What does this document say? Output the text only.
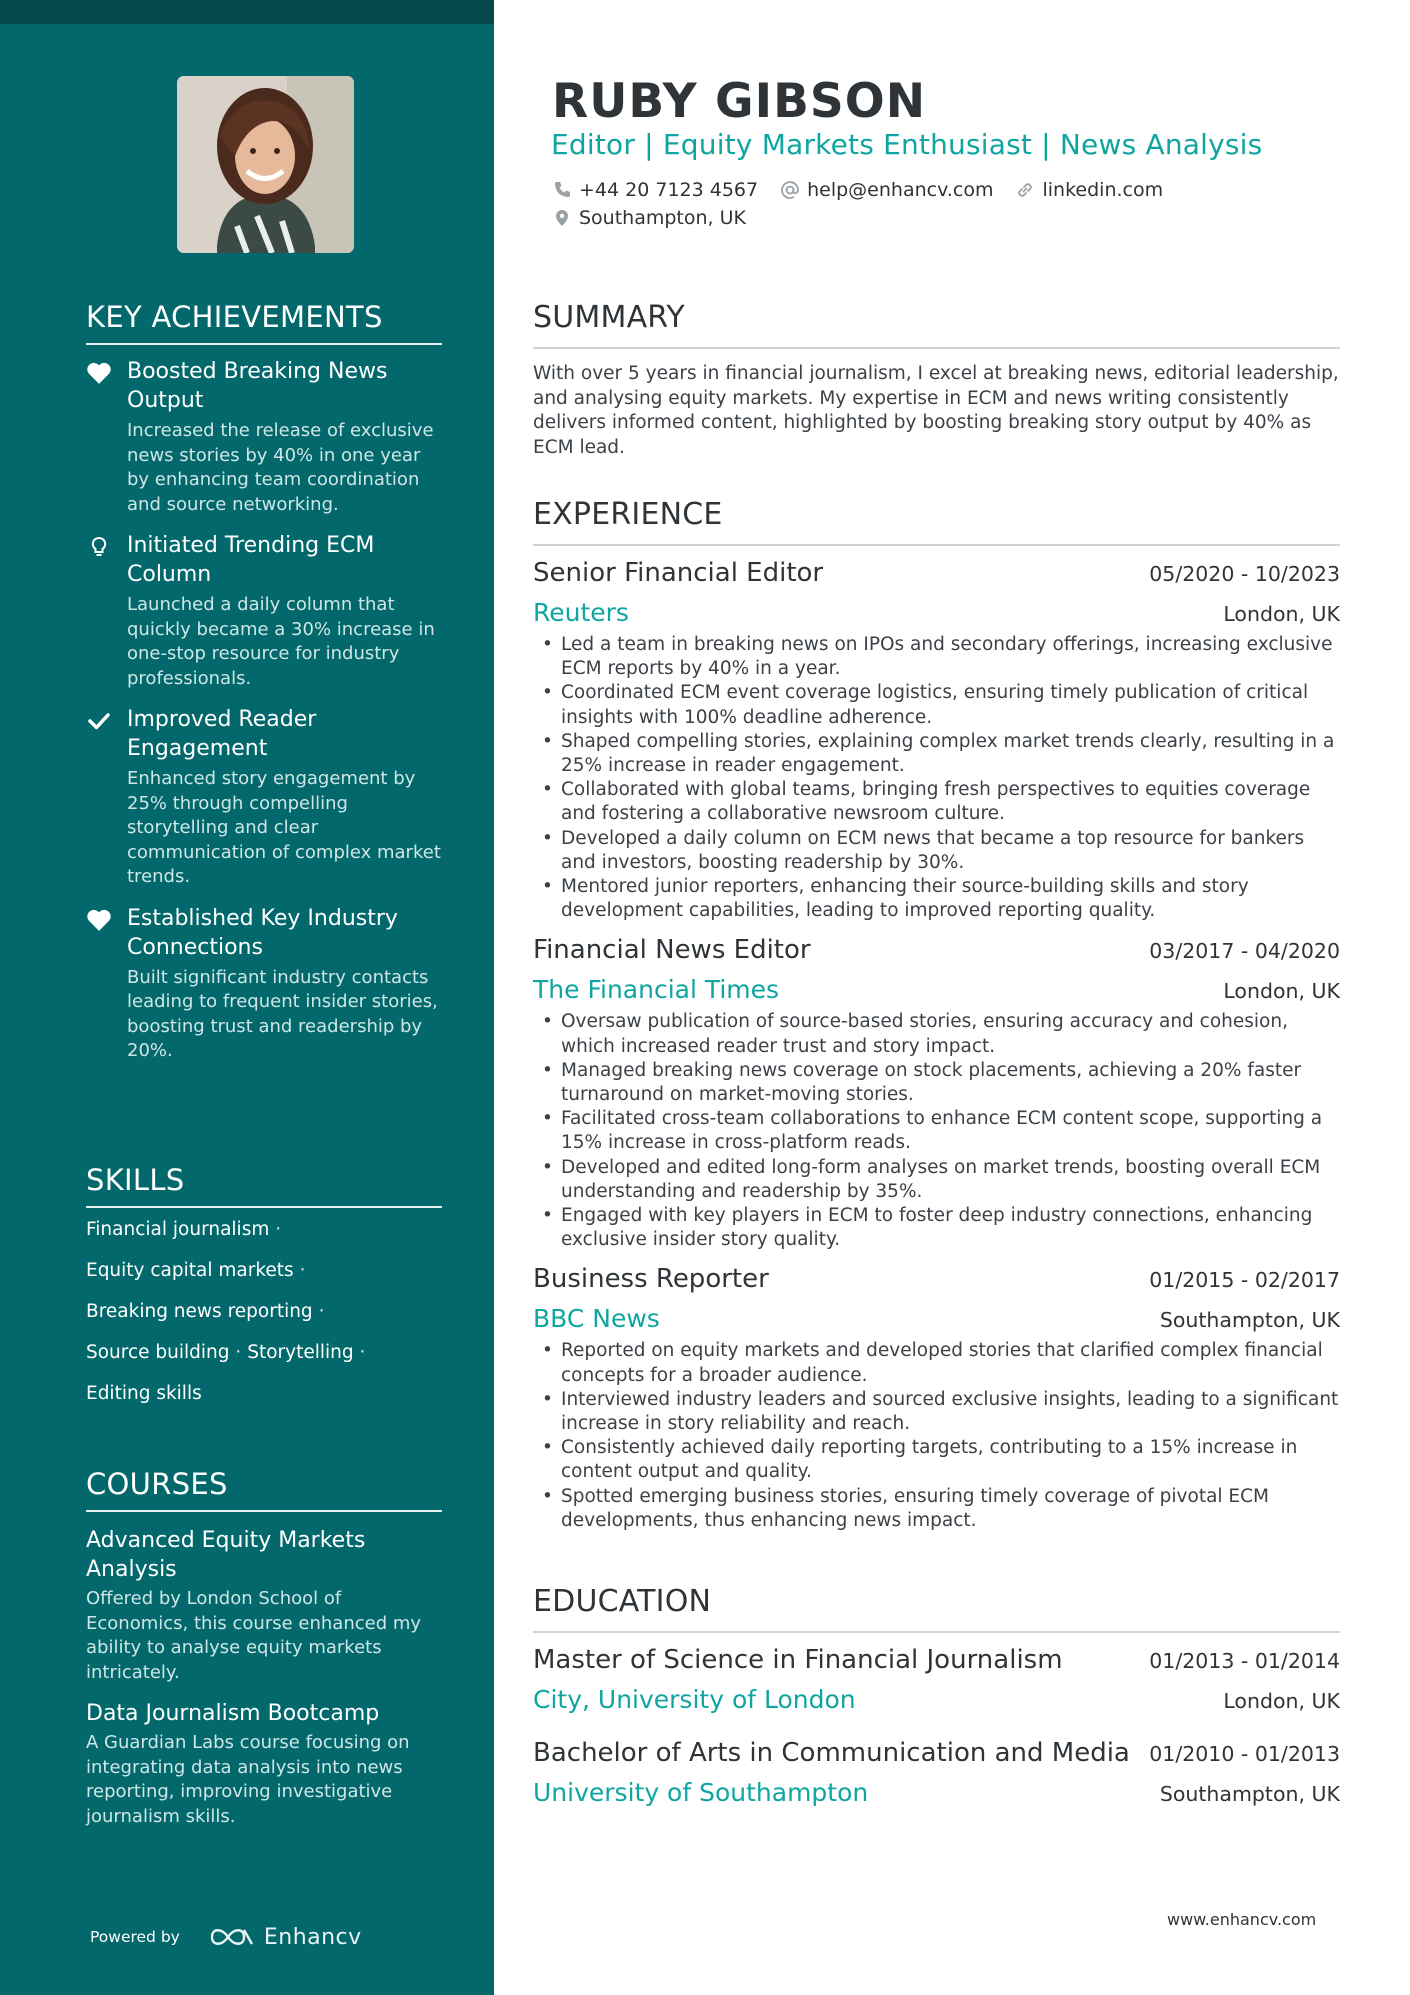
KEY ACHIEVEMENTS
Boosted Breaking News Output
Increased the release of exclusive news stories by 40% in one year by enhancing team coordination and source networking.
Initiated Trending ECM Column
Launched a daily column that quickly became a 30% increase in one-stop resource for industry professionals.
Improved Reader Engagement
Enhanced story engagement by 25% through compelling storytelling and clear communication of complex market trends.
Established Key Industry Connections
Built significant industry contacts leading to frequent insider stories, boosting trust and readership by 20%.
SKILLS
Financial journalism ·
Equity capital markets ·
Breaking news reporting ·
Source building · Storytelling ·
Editing skills
COURSES
Advanced Equity Markets Analysis
Offered by London School of Economics, this course enhanced my ability to analyse equity markets intricately.
Data Journalism Bootcamp
A Guardian Labs course focusing on integrating data analysis into news reporting, improving investigative journalism skills.
Powered by	Enhancv
RUBY GIBSON
Editor | Equity Markets Enthusiast | News Analysis
+44 20 7123 4567	help@enhancv.com	linkedin.com
Southampton, UK
SUMMARY

With over 5 years in financial journalism, I excel at breaking news, editorial leadership, and analysing equity markets. My expertise in ECM and news writing consistently delivers informed content, highlighted by boosting breaking story output by 40% as ECM lead.

EXPERIENCE
Senior Financial Editor	05/2020 - 10/2023
Reuters	London, UK
• Led a team in breaking news on IPOs and secondary offerings, increasing exclusive ECM reports by 40% in a year.
• Coordinated ECM event coverage logistics, ensuring timely publication of critical insights with 100% deadline adherence.
• Shaped compelling stories, explaining complex market trends clearly, resulting in a 25% increase in reader engagement.
• Collaborated with global teams, bringing fresh perspectives to equities coverage and fostering a collaborative newsroom culture.
• Developed a daily column on ECM news that became a top resource for bankers and investors, boosting readership by 30%.
• Mentored junior reporters, enhancing their source-building skills and story development capabilities, leading to improved reporting quality.
Financial News Editor	03/2017 - 04/2020
The Financial Times	London, UK
• Oversaw publication of source-based stories, ensuring accuracy and cohesion, which increased reader trust and story impact.
• Managed breaking news coverage on stock placements, achieving a 20% faster turnaround on market-moving stories.
• Facilitated cross-team collaborations to enhance ECM content scope, supporting a 15% increase in cross-platform reads.
• Developed and edited long-form analyses on market trends, boosting overall ECM understanding and readership by 35%.
• Engaged with key players in ECM to foster deep industry connections, enhancing exclusive insider story quality.
Business Reporter	01/2015 - 02/2017
BBC News	Southampton, UK
• Reported on equity markets and developed stories that clarified complex financial concepts for a broader audience.
• Interviewed industry leaders and sourced exclusive insights, leading to a significant increase in story reliability and reach.
• Consistently achieved daily reporting targets, contributing to a 15% increase in content output and quality.
• Spotted emerging business stories, ensuring timely coverage of pivotal ECM developments, thus enhancing news impact.
EDUCATION
Master of Science in Financial Journalism	01/2013 - 01/2014
City, University of London	London, UK
Bachelor of Arts in Communication and Media 01/2010 - 01/2013
University of Southampton	Southampton, UK
www.enhancv.com
